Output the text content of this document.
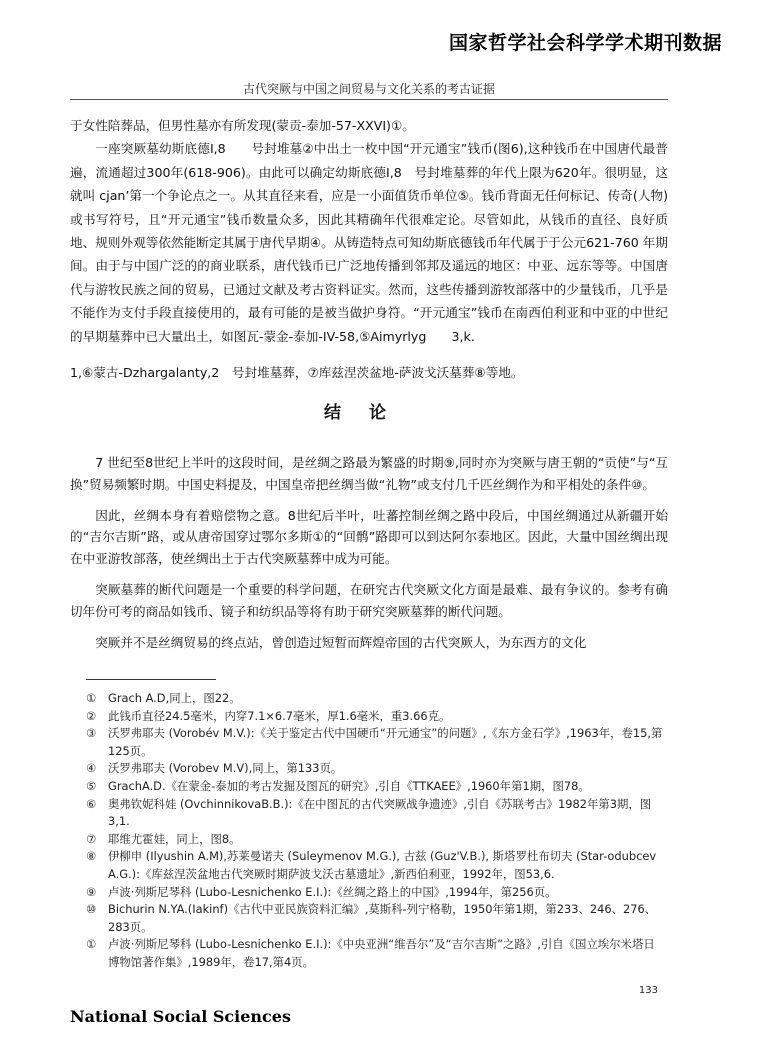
国家哲学社会科学学术期刊数据
古代突厥与中国之间贸易与文化关系的考古证据

于女性陪葬品，但男性墓亦有所发现(蒙贡-泰加-57-XXVI)①。

一座突厥墓幼斯底德I,8　　号封堆墓②中出土一枚中国“开元通宝”钱币(图6),这种钱币在中国唐代最普遍，流通超过300年(618-906)。由此可以确定幼斯底德I,8　号封堆墓葬的年代上限为620年。很明显，这就叫 cjan’第一个争论点之一。从其直径来看，应是一小面值货币单位⑤。钱币背面无任何标记、传奇(人物)或书写符号，且“开元通宝”钱币数量众多，因此其精确年代很难定论。尽管如此，从钱币的直径、良好质地、规则外观等依然能断定其属于唐代早期④。从铸造特点可知幼斯底德钱币年代属于于公元621-760 年期间。由于与中国广泛的的商业联系，唐代钱币已广泛地传播到邻邦及遥远的地区：中亚、远东等等。中国唐代与游牧民族之间的贸易，已通过文献及考古资料证实。然而，这些传播到游牧部落中的少量钱币，几乎是不能作为支付手段直接使用的，最有可能的是被当做护身符。“开元通宝”钱币在南西伯利亚和中亚的中世纪的早期墓葬中已大量出土，如图瓦-蒙金-泰加-IV-58,⑤Aimyrlyg　　3,k.

1,⑥蒙古-Dzhargalanty,2　号封堆墓葬，⑦库兹涅茨盆地-萨波戈沃墓葬⑧等地。

结论

7 世纪至8世纪上半叶的这段时间，是丝绸之路最为繁盛的时期⑨,同时亦为突厥与唐王朝的“贡使”与“互换”贸易频繁时期。中国史料提及，中国皇帝把丝绸当做“礼物”或支付几千匹丝绸作为和平相处的条件⑩。

因此，丝绸本身有着赔偿物之意。8世纪后半叶，吐蕃控制丝绸之路中段后，中国丝绸通过从新疆开始的“吉尔吉斯”路，或从唐帝国穿过鄂尔多斯①的“回鹘”路即可以到达阿尔泰地区。因此，大量中国丝绸出现在中亚游牧部落，使丝绸出土于古代突厥墓葬中成为可能。

突厥墓葬的断代问题是一个重要的科学问题，在研究古代突厥文化方面是最难、最有争议的。参考有确切年份可考的商品如钱币、镜子和纺织品等将有助于研究突厥墓葬的断代问题。

突厥并不是丝绸贸易的终点站，曾创造过短暂而辉煌帝国的古代突厥人，为东西方的文化

①	Grach A.D,同上，图22。
②	此钱币直径24.5毫米，内穿7.1×6.7毫米，厚1.6毫米，重3.66克。
③	沃罗弗耶夫 (Vorobév M.V.):《关于鉴定古代中国硬币“开元通宝”的问题》,《东方金石学》,1963年，卷15,第125页。
④	沃罗弗耶夫 (Vorobev M.V),同上，第133页。
⑤	GrachA.D.《在蒙金-泰加的考古发掘及图瓦的研究》,引自《TTKAEE》,1960年第1期，图78。
⑥	奥弗钦妮科娃 (OvchinnikovaB.B.):《在中图瓦的古代突厥战争遗迹》,引自《苏联考古》1982年第3期，图3,1.
⑦	耶维尤霍娃，同上，图8。
⑧	伊柳申 (Ilyushin A.M),苏莱曼诺夫 (Suleymenov M.G.), 古兹 (Guz'V.B.), 斯塔罗杜布切夫 (Star-odubcev A.G.):《库兹涅茨盆地古代突厥时期萨波戈沃古墓遗址》,新西伯利亚，1992年，图53,6.
⑨	卢波·列斯尼琴科 (Lubo-Lesnichenko E.I.):《丝绸之路上的中国》,1994年，第256页。
⑩	Bichurin N.YA.(Iakinf)《古代中亚民族资料汇编》,莫斯科-列宁格勒，1950年第1期，第233、246、276、283页。
①	卢波·列斯尼琴科 (Lubo-Lesnichenko E.I.):《中央亚洲“维吾尔”及“吉尔吉斯”之路》,引自《国立埃尔米塔日博物馆著作集》,1989年，卷17,第4页。
133
National Social Sciences
